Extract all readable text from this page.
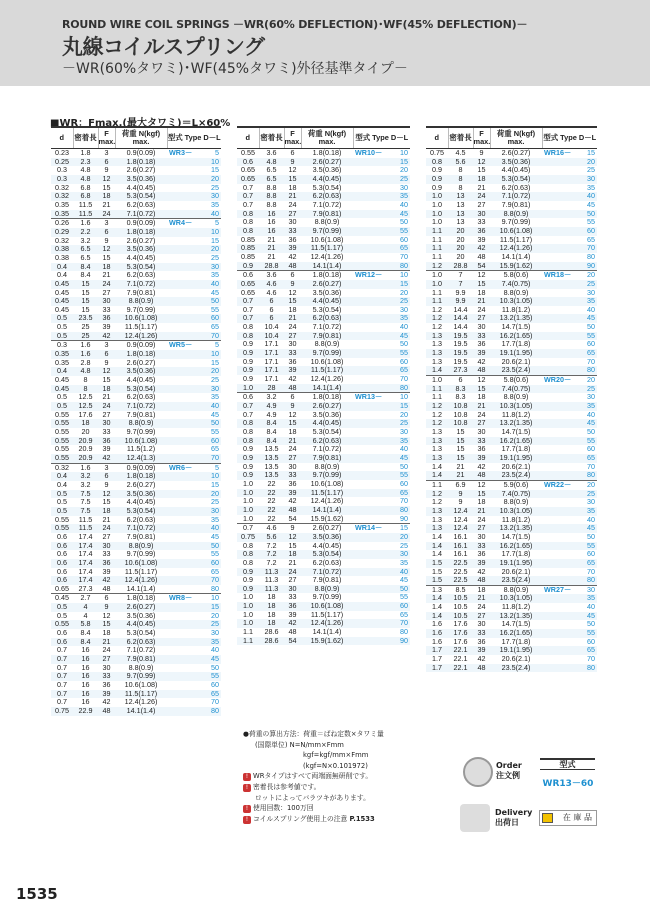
ROUND WIRE COIL SPRINGS －WR(60% DEFLECTION)･WF(45% DEFLECTION)－
丸線コイルスプリング
－WR(60%タワミ)･WF(45%タワミ)外径基準タイプ－
■WR：Fmax.(最大タワミ)＝L×60%
d	密着長	F max.	荷重 N(kgf) max.	型式 Type D－L
0.23	1.8	3	0.9(0.09)	WR3－ 5
0.25	2.3	6	1.8(0.18)	10
0.3	4.8	9	2.6(0.27)	15
0.3	4.8	12	3.5(0.36)	20
0.32	6.8	15	4.4(0.45)	25
0.32	6.8	18	5.3(0.54)	30
0.35	11.5	21	6.2(0.63)	35
0.35	11.5	24	7.1(0.72)	40
0.26	1.6	3	0.9(0.09)	WR4－ 5
0.29	2.2	6	1.8(0.18)	10
0.32	3.2	9	2.6(0.27)	15
0.38	6.5	12	3.5(0.36)	20
0.38	6.5	15	4.4(0.45)	25
0.4	8.4	18	5.3(0.54)	30
0.4	8.4	21	6.2(0.63)	35
0.45	15	24	7.1(0.72)	40
0.45	15	27	7.9(0.81)	45
0.45	15	30	8.8(0.9)	50
0.45	15	33	9.7(0.99)	55
0.5	23.5	36	10.6(1.08)	60
0.5	25	39	11.5(1.17)	65
0.5	25	42	12.4(1.26)	70
0.3	1.6	3	0.9(0.09)	WR5－ 5
0.35	1.6	6	1.8(0.18)	10
0.35	2.8	9	2.6(0.27)	15
0.4	4.8	12	3.5(0.36)	20
0.45	8	15	4.4(0.45)	25
0.45	8	18	5.3(0.54)	30
0.5	12.5	21	6.2(0.63)	35
0.5	12.5	24	7.1(0.72)	40
0.55	17.6	27	7.9(0.81)	45
0.55	18	30	8.8(0.9)	50
0.55	20	33	9.7(0.99)	55
0.55	20.9	36	10.6(1.08)	60
0.55	20.9	39	11.5(1.2)	65
0.55	20.9	42	12.4(1.3)	70
0.32	1.6	3	0.9(0.09)	WR6－ 5
0.4	3.2	6	1.8(0.18)	10
0.4	3.2	9	2.6(0.27)	15
0.5	7.5	12	3.5(0.36)	20
0.5	7.5	15	4.4(0.45)	25
0.5	7.5	18	5.3(0.54)	30
0.55	11.5	21	6.2(0.63)	35
0.55	11.5	24	7.1(0.72)	40
0.6	17.4	27	7.9(0.81)	45
0.6	17.4	30	8.8(0.9)	50
0.6	17.4	33	9.7(0.99)	55
0.6	17.4	36	10.6(1.08)	60
0.6	17.4	39	11.5(1.17)	65
0.6	17.4	42	12.4(1.26)	70
0.65	27.3	48	14.1(1.4)	80
0.45	2.7	6	1.8(0.18)	WR8－ 10
0.5	4	9	2.6(0.27)	15
0.5	4	12	3.5(0.36)	20
0.55	5.8	15	4.4(0.45)	25
0.6	8.4	18	5.3(0.54)	30
0.6	8.4	21	6.2(0.63)	35
0.7	16	24	7.1(0.72)	40
0.7	16	27	7.9(0.81)	45
0.7	16	30	8.8(0.9)	50
0.7	16	33	9.7(0.99)	55
0.7	16	36	10.6(1.08)	60
0.7	16	39	11.5(1.17)	65
0.7	16	42	12.4(1.26)	70
0.75	22.9	48	14.1(1.4)	80
d	密着長	F max.	荷重 N(kgf) max.	型式 Type D－L
0.55	3.6	6	1.8(0.18)	WR10－ 10
0.6	4.8	9	2.6(0.27)	15
0.65	6.5	12	3.5(0.36)	20
0.65	6.5	15	4.4(0.45)	25
0.7	8.8	18	5.3(0.54)	30
0.7	8.8	21	6.2(0.63)	35
0.7	8.8	24	7.1(0.72)	40
0.8	16	27	7.9(0.81)	45
0.8	16	30	8.8(0.9)	50
0.8	16	33	9.7(0.99)	55
0.85	21	36	10.6(1.08)	60
0.85	21	39	11.5(1.17)	65
0.85	21	42	12.4(1.26)	70
0.9	28.8	48	14.1(1.4)	80
0.6	3.6	6	1.8(0.18)	WR12－ 10
0.65	4.6	9	2.6(0.27)	15
0.65	4.6	12	3.5(0.36)	20
0.7	6	15	4.4(0.45)	25
0.7	6	18	5.3(0.54)	30
0.7	6	21	6.2(0.63)	35
0.8	10.4	24	7.1(0.72)	40
0.8	10.4	27	7.9(0.81)	45
0.9	17.1	30	8.8(0.9)	50
0.9	17.1	33	9.7(0.99)	55
0.9	17.1	36	10.6(1.08)	60
0.9	17.1	39	11.5(1.17)	65
0.9	17.1	42	12.4(1.26)	70
1.0	28	48	14.1(1.4)	80
0.6	3.2	6	1.8(0.18)	WR13－ 10
0.7	4.9	9	2.6(0.27)	15
0.7	4.9	12	3.5(0.36)	20
0.8	8.4	15	4.4(0.45)	25
0.8	8.4	18	5.3(0.54)	30
0.8	8.4	21	6.2(0.63)	35
0.9	13.5	24	7.1(0.72)	40
0.9	13.5	27	7.9(0.81)	45
0.9	13.5	30	8.8(0.9)	50
0.9	13.5	33	9.7(0.99)	55
1.0	22	36	10.6(1.08)	60
1.0	22	39	11.5(1.17)	65
1.0	22	42	12.4(1.26)	70
1.0	22	48	14.1(1.4)	80
1.0	22	54	15.9(1.62)	90
0.7	4.6	9	2.6(0.27)	WR14－ 15
0.75	5.6	12	3.5(0.36)	20
0.8	7.2	15	4.4(0.45)	25
0.8	7.2	18	5.3(0.54)	30
0.8	7.2	21	6.2(0.63)	35
0.9	11.3	24	7.1(0.72)	40
0.9	11.3	27	7.9(0.81)	45
0.9	11.3	30	8.8(0.9)	50
1.0	18	33	9.7(0.99)	55
1.0	18	36	10.6(1.08)	60
1.0	18	39	11.5(1.17)	65
1.0	18	42	12.4(1.26)	70
1.1	28.6	48	14.1(1.4)	80
1.1	28.6	54	15.9(1.62)	90
d	密着長	F max.	荷重 N(kgf) max.	型式 Type D－L
0.75	4.5	9	2.6(0.27)	WR16－ 15
0.8	5.6	12	3.5(0.36)	20
0.9	8	15	4.4(0.45)	25
0.9	8	18	5.3(0.54)	30
0.9	8	21	6.2(0.63)	35
1.0	13	24	7.1(0.72)	40
1.0	13	27	7.9(0.81)	45
1.0	13	30	8.8(0.9)	50
1.0	13	33	9.7(0.99)	55
1.1	20	36	10.6(1.08)	60
1.1	20	39	11.5(1.17)	65
1.1	20	42	12.4(1.26)	70
1.1	20	48	14.1(1.4)	80
1.2	28.8	54	15.9(1.62)	90
1.0	7	12	5.8(0.6)	WR18－ 20
1.0	7	15	7.4(0.75)	25
1.1	9.9	18	8.8(0.9)	30
1.1	9.9	21	10.3(1.05)	35
1.2	14.4	24	11.8(1.2)	40
1.2	14.4	27	13.2(1.35)	45
1.2	14.4	30	14.7(1.5)	50
1.3	19.5	33	16.2(1.65)	55
1.3	19.5	36	17.7(1.8)	60
1.3	19.5	39	19.1(1.95)	65
1.3	19.5	42	20.6(2.1)	70
1.4	27.3	48	23.5(2.4)	80
1.0	6	12	5.8(0.6)	WR20－ 20
1.1	8.3	15	7.4(0.75)	25
1.1	8.3	18	8.8(0.9)	30
1.2	10.8	21	10.3(1.05)	35
1.2	10.8	24	11.8(1.2)	40
1.2	10.8	27	13.2(1.35)	45
1.3	15	30	14.7(1.5)	50
1.3	15	33	16.2(1.65)	55
1.3	15	36	17.7(1.8)	60
1.3	15	39	19.1(1.95)	65
1.4	21	42	20.6(2.1)	70
1.4	21	48	23.5(2.4)	80
1.1	6.9	12	5.9(0.6)	WR22－ 20
1.2	9	15	7.4(0.75)	25
1.2	9	18	8.8(0.9)	30
1.3	12.4	21	10.3(1.05)	35
1.3	12.4	24	11.8(1.2)	40
1.3	12.4	27	13.2(1.35)	45
1.4	16.1	30	14.7(1.5)	50
1.4	16.1	33	16.2(1.65)	55
1.4	16.1	36	17.7(1.8)	60
1.5	22.5	39	19.1(1.95)	65
1.5	22.5	42	20.6(2.1)	70
1.5	22.5	48	23.5(2.4)	80
1.3	8.5	18	8.8(0.9)	WR27－ 30
1.4	10.5	21	10.3(1.05)	35
1.4	10.5	24	11.8(1.2)	40
1.4	10.5	27	13.2(1.35)	45
1.6	17.6	30	14.7(1.5)	50
1.6	17.6	33	16.2(1.65)	55
1.6	17.6	36	17.7(1.8)	60
1.7	22.1	39	19.1(1.95)	65
1.7	22.1	42	20.6(2.1)	70
1.7	22.1	48	23.5(2.4)	80
●荷重の算出方法：荷重＝ばね定数×タワミ量
(国際単位) N=N/mm×Fmm
kgf=kgf/mm×Fmm
(kgf=N×0.101972)
! WRタイプはすべて両端面無研削です。
! 密着長は参考値です。
ロットによってバラツキがあります。
! 使用回数：100万回
! コイルスプリング使用上の注意 P.1533
Order
注文例
型式
WR13－60
Delivery
出荷日
在 庫 品
1535
